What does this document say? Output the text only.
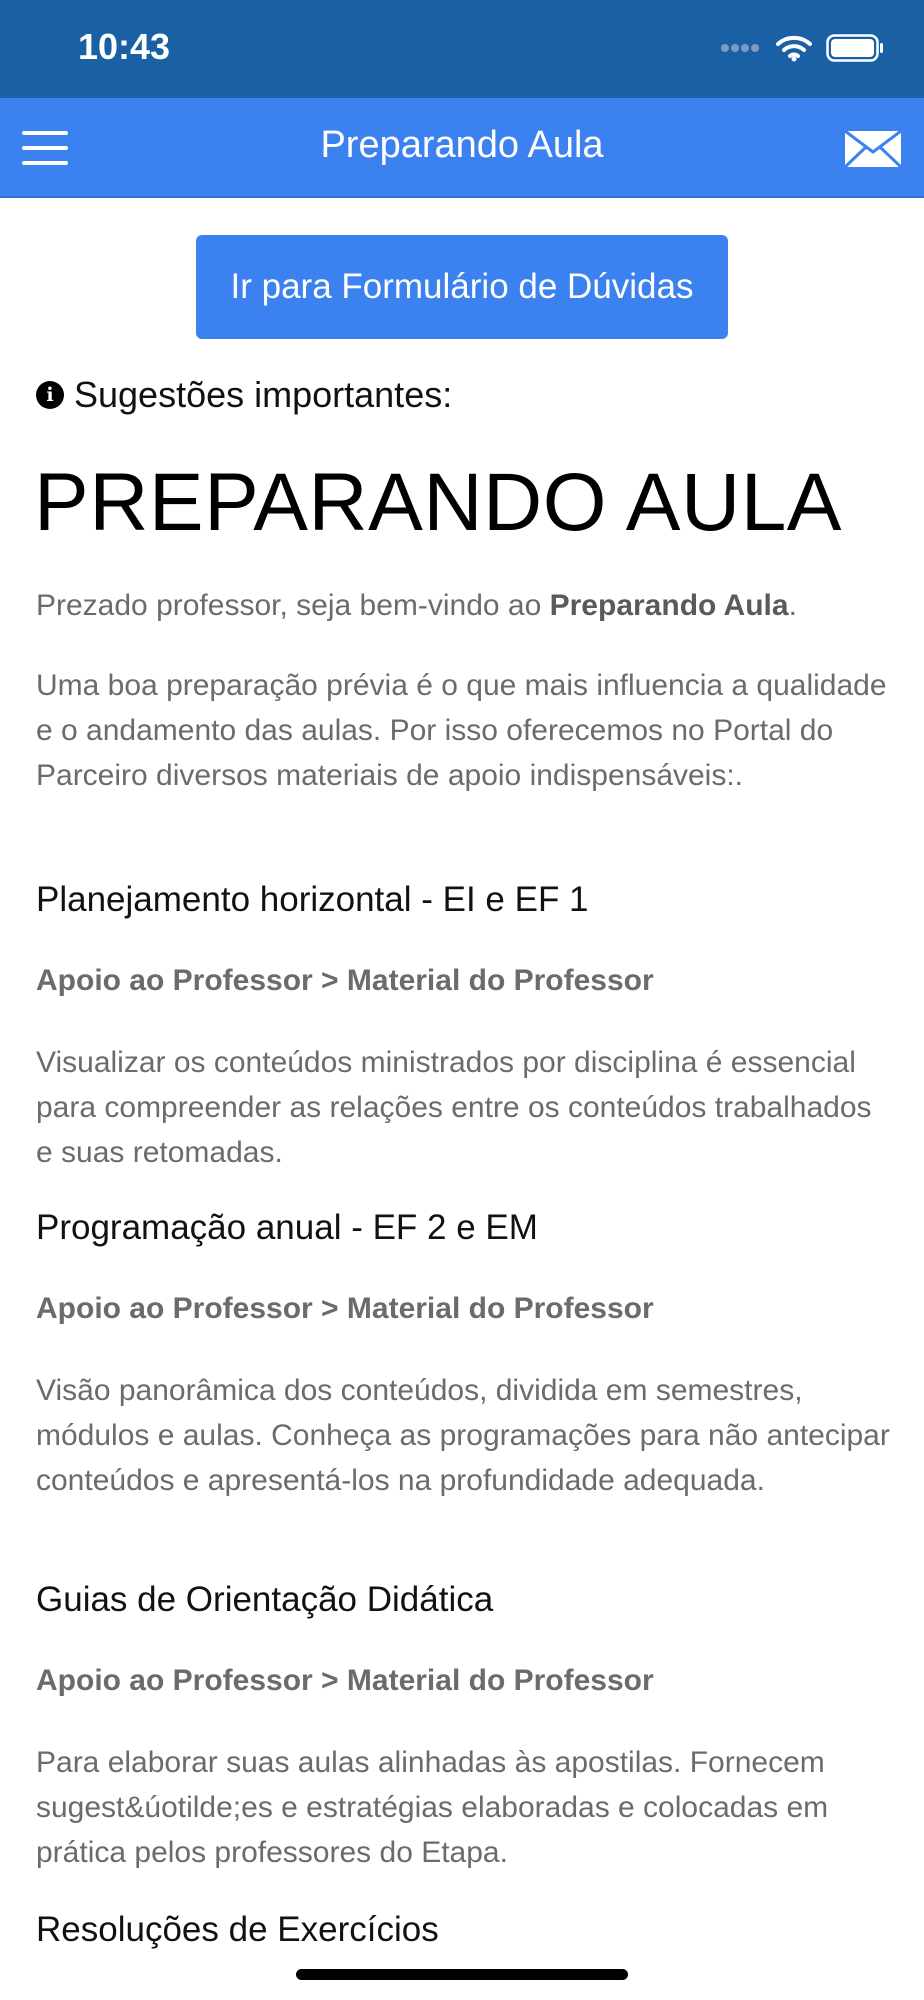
10:43
Preparando Aula
Ir para Formulário de Dúvidas
i Sugestões importantes:
PREPARANDO AULA

Prezado professor, seja bem-vindo ao Preparando Aula.

Uma boa preparação prévia é o que mais influencia a qualidade e o andamento das aulas. Por isso oferecemos no Portal do Parceiro diversos materiais de apoio indispensáveis:.

Planejamento horizontal - EI e EF 1
Apoio ao Professor > Material do Professor

Visualizar os conteúdos ministrados por disciplina é essencial para compreender as relações entre os conteúdos trabalhados e suas retomadas.

Programação anual - EF 2 e EM
Apoio ao Professor > Material do Professor

Visão panorâmica dos conteúdos, dividida em semestres, módulos e aulas. Conheça as programações para não antecipar conteúdos e apresentá-los na profundidade adequada.

Guias de Orientação Didática
Apoio ao Professor > Material do Professor

Para elaborar suas aulas alinhadas às apostilas. Fornecem sugest&úotilde;es e estratégias elaboradas e colocadas em prática pelos professores do Etapa.

Resoluções de Exercícios
